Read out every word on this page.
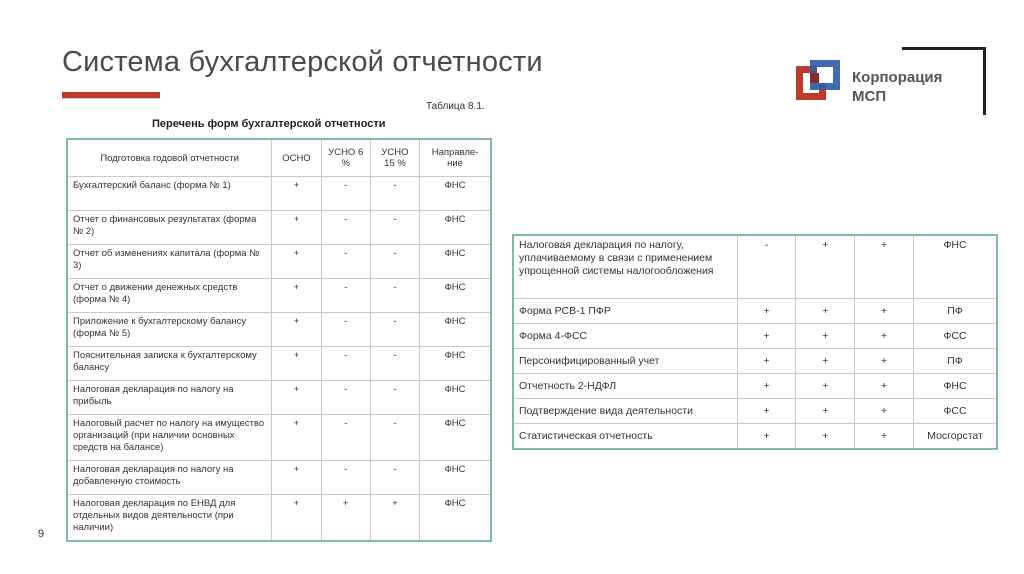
Система бухгалтерской отчетности	Корпорация
МСП
Таблица 8.1.
Перечень форм бухгалтерской отчетности
Подготовка годовой отчетности	ОСНО	УСНО 6 %	УСНО 15 %	Направле-ние
Бухгалтерский баланс (форма № 1)	+	-	-	ФНС
Отчет о финансовых результатах (форма № 2)	+	-	-	ФНС
Отчет об изменениях капитала (форма № 3)	+	-	-	ФНС
Отчет о движении денежных средств (форма № 4)	+	-	-	ФНС
Приложение к бухгалтерскому балансу (форма № 5)	+	-	-	ФНС
Пояснительная записка к бухгалтерскому балансу	+	-	-	ФНС
Налоговая декларация по налогу на прибыль	+	-	-	ФНС
Налоговый расчет по налогу на имущество организаций (при наличии основных средств на балансе)	+	-	-	ФНС
Налоговая декларация по налогу на добавленную стоимость	+	-	-	ФНС
Налоговая декларация по ЕНВД для отдельных видов деятельности (при наличии)	+	+	+	ФНС
Налоговая декларация по налогу, уплачиваемому в связи с применением упрощенной системы налогообложения	-	+	+	ФНС
Форма РСВ-1 ПФР	+	+	+	ПФ
Форма 4-ФСС	+	+	+	ФСС
Персонифицированный учет	+	+	+	ПФ
Отчетность 2-НДФЛ	+	+	+	ФНС
Подтверждение вида деятельности	+	+	+	ФСС
Статистическая отчетность	+	+	+	Мосгорстат
9
